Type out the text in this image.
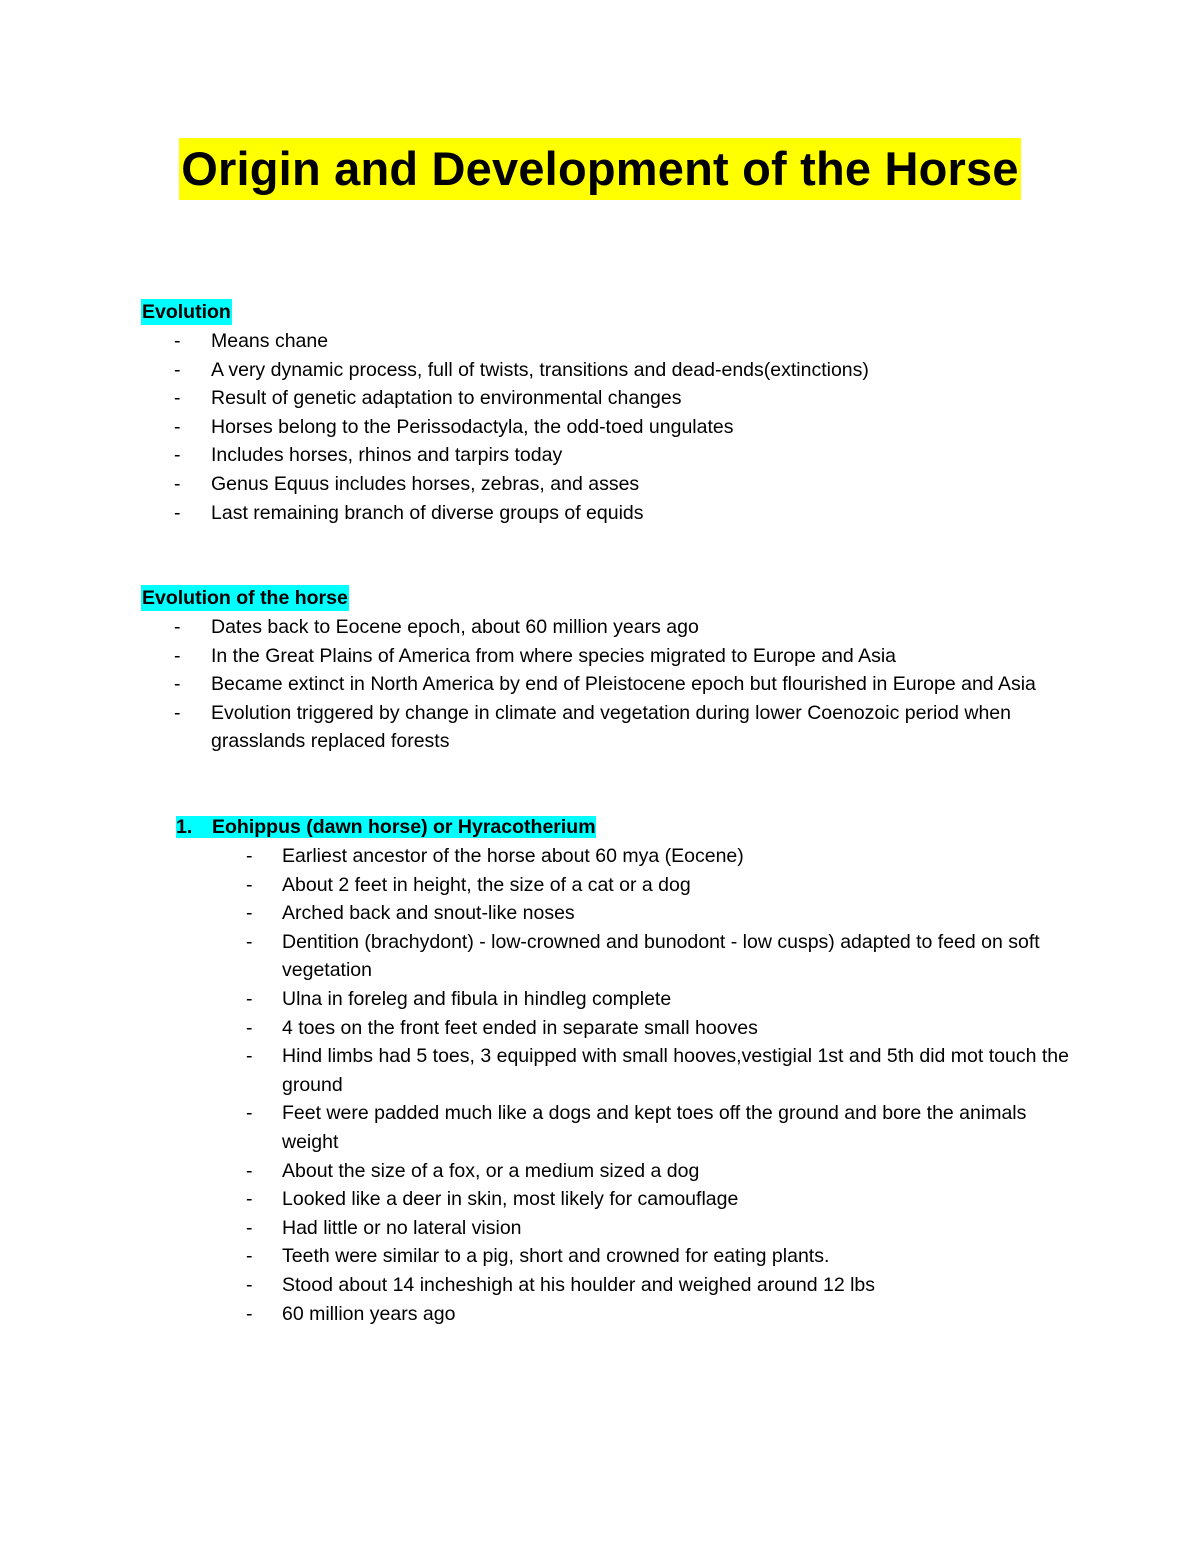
Origin and Development of the Horse
Evolution
- Means chane
- A very dynamic process, full of twists, transitions and dead-ends(extinctions)
- Result of genetic adaptation to environmental changes
- Horses belong to the Perissodactyla, the odd-toed ungulates
- Includes horses, rhinos and tarpirs today
- Genus Equus includes horses, zebras, and asses
- Last remaining branch of diverse groups of equids
Evolution of the horse
- Dates back to Eocene epoch, about 60 million years ago
- In the Great Plains of America from where species migrated to Europe and Asia
- Became extinct in North America by end of Pleistocene epoch but flourished in Europe and Asia
- Evolution triggered by change in climate and vegetation during lower Coenozoic period when grasslands replaced forests
1. Eohippus (dawn horse) or Hyracotherium
- Earliest ancestor of the horse about 60 mya (Eocene)
- About 2 feet in height, the size of a cat or a dog
- Arched back and snout-like noses
- Dentition (brachydont) - low-crowned and bunodont - low cusps) adapted to feed on soft vegetation
- Ulna in foreleg and fibula in hindleg complete
- 4 toes on the front feet ended in separate small hooves
- Hind limbs had 5 toes, 3 equipped with small hooves,vestigial 1st and 5th did mot touch the ground
- Feet were padded much like a dogs and kept toes off the ground and bore the animals weight
- About the size of a fox, or a medium sized a dog
- Looked like a deer in skin, most likely for camouflage
- Had little or no lateral vision
- Teeth were similar to a pig, short and crowned for eating plants.
- Stood about 14 incheshigh at his houlder and weighed around 12 lbs
- 60 million years ago
